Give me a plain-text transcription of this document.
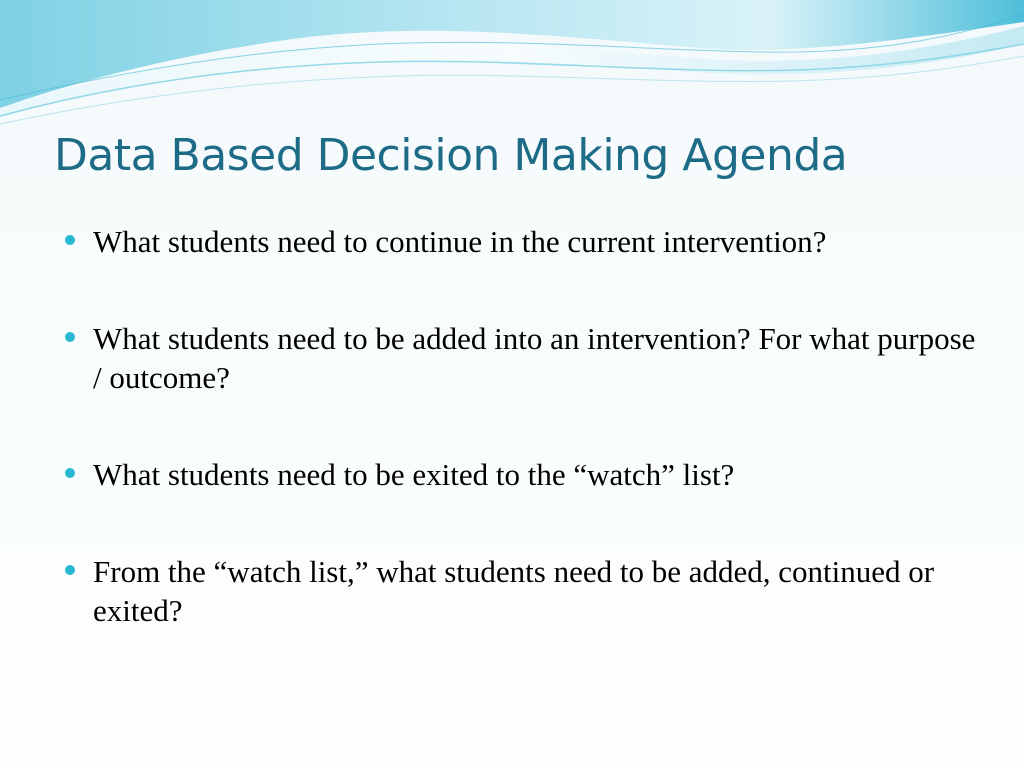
Data Based Decision Making Agenda
What students need to continue in the current intervention?
What students need to be added into an intervention? For what purpose / outcome?
What students need to be exited to the “watch” list?
From the “watch list,” what students need to be added, continued or exited?
